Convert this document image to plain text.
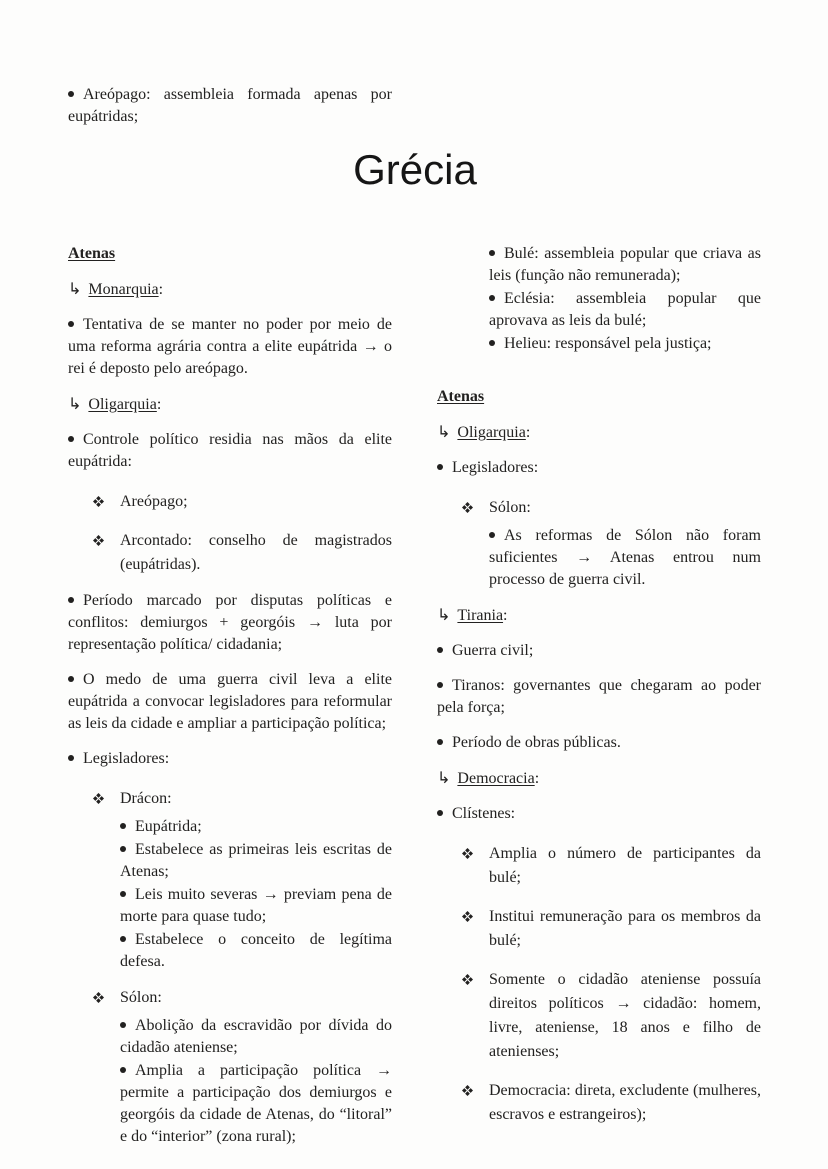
Areópago: assembleia formada apenas por eupátridas;

Grécia
Atenas
↳ Monarquia:
Tentativa de se manter no poder por meio de uma reforma agrária contra a elite eupátrida → o rei é deposto pelo areópago.
↳ Oligarquia:
Controle político residia nas mãos da elite eupátrida:
Areópago;
Arcontado: conselho de magistrados (eupátridas).
Período marcado por disputas políticas e conflitos: demiurgos + georgóis → luta por representação política/ cidadania;
O medo de uma guerra civil leva a elite eupátrida a convocar legisladores para reformular as leis da cidade e ampliar a participação política;
Legisladores:
Drácon:
Eupátrida;
Estabelece as primeiras leis escritas de Atenas;
Leis muito severas → previam pena de morte para quase tudo;
Estabelece o conceito de legítima defesa.
Sólon:
Abolição da escravidão por dívida do cidadão ateniense;
Amplia a participação política → permite a participação dos demiurgos e georgóis da cidade de Atenas, do “litoral” e do “interior” (zona rural);
Bulé: assembleia popular que criava as leis (função não remunerada);
Eclésia: assembleia popular que aprovava as leis da bulé;
Helieu: responsável pela justiça;
Atenas
↳ Oligarquia:
Legisladores:
Sólon:
As reformas de Sólon não foram suficientes → Atenas entrou num processo de guerra civil.
↳ Tirania:
Guerra civil;
Tiranos: governantes que chegaram ao poder pela força;
Período de obras públicas.
↳ Democracia:
Clístenes:
Amplia o número de participantes da bulé;
Institui remuneração para os membros da bulé;
Somente o cidadão ateniense possuía direitos políticos → cidadão: homem, livre, ateniense, 18 anos e filho de atenienses;
Democracia: direta, excludente (mulheres, escravos e estrangeiros);
